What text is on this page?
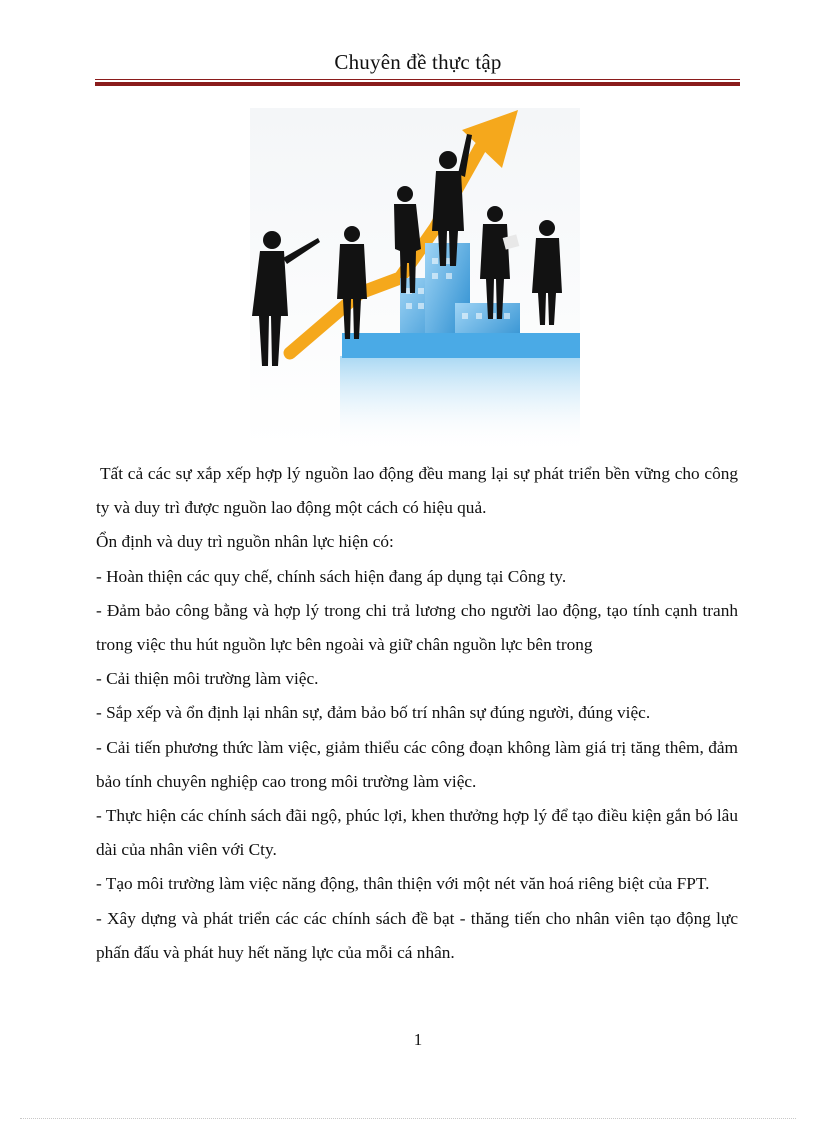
Chuyên đề thực tập

Tất cả các sự xắp xếp hợp lý nguồn lao động đều mang lại sự phát triển bền vững cho công ty và duy trì được nguồn lao động một cách có hiệu quả.

Ổn định và duy trì nguồn nhân lực hiện có:

- Hoàn thiện các quy chế, chính sách hiện đang áp dụng tại Công ty.

- Đảm bảo công bằng và hợp lý trong chi trả lương cho người lao động, tạo tính cạnh tranh trong việc thu hút nguồn lực bên ngoài và giữ chân nguồn lực bên trong

- Cải thiện môi trường làm việc.

- Sắp xếp và ổn định lại nhân sự, đảm bảo bố trí nhân sự đúng người, đúng việc.

- Cải tiến phương thức làm việc, giảm thiểu các công đoạn không làm giá trị tăng thêm, đảm bảo tính chuyên nghiệp cao trong môi trường làm việc.

- Thực hiện các chính sách đãi ngộ, phúc lợi, khen thưởng hợp lý để tạo điều kiện gắn bó lâu dài của nhân viên với Cty.

- Tạo môi trường làm việc năng động, thân thiện với một nét văn hoá riêng biệt của FPT.

- Xây dựng và phát triển các các chính sách đề bạt - thăng tiến cho nhân viên tạo động lực phấn đấu và phát huy hết năng lực của mỗi cá nhân.

1
